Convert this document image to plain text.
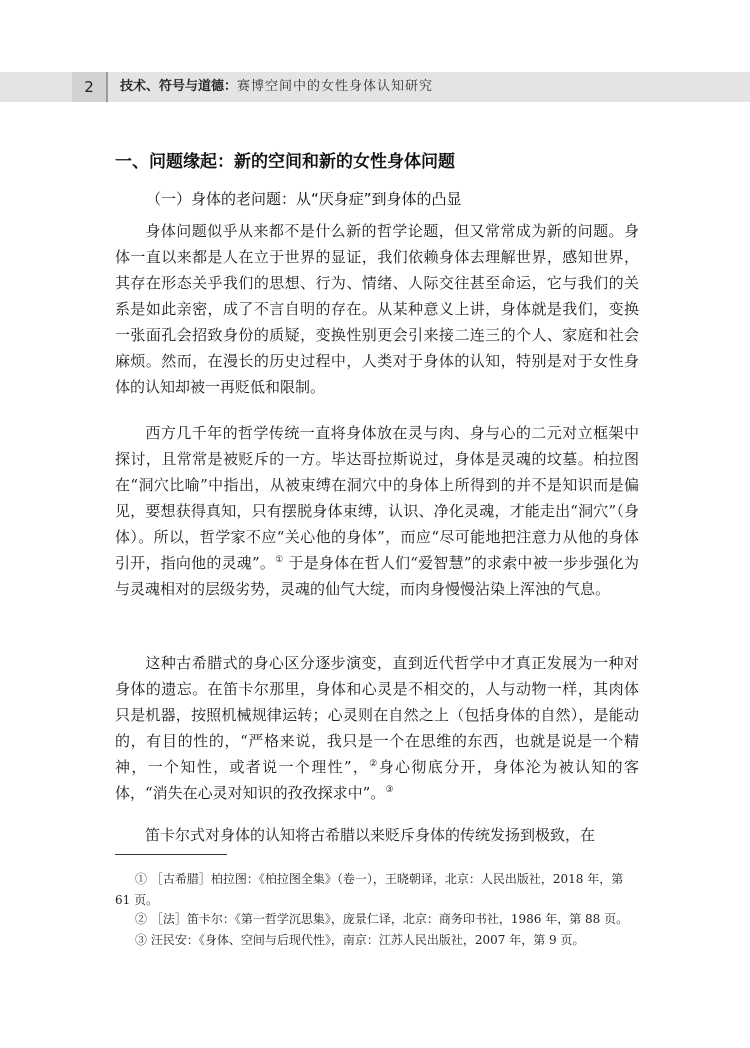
2	技术、符号与道德：赛博空间中的女性身体认知研究
一、问题缘起：新的空间和新的女性身体问题
（一）身体的老问题：从“厌身症”到身体的凸显

身体问题似乎从来都不是什么新的哲学论题，但又常常成为新的问题。身体一直以来都是人在立于世界的显证，我们依赖身体去理解世界，感知世界，其存在形态关乎我们的思想、行为、情绪、人际交往甚至命运，它与我们的关系是如此亲密，成了不言自明的存在。从某种意义上讲，身体就是我们，变换一张面孔会招致身份的质疑，变换性别更会引来接二连三的个人、家庭和社会麻烦。然而，在漫长的历史过程中，人类对于身体的认知，特别是对于女性身体的认知却被一再贬低和限制。

西方几千年的哲学传统一直将身体放在灵与肉、身与心的二元对立框架中探讨，且常常是被贬斥的一方。毕达哥拉斯说过，身体是灵魂的坟墓。柏拉图在“洞穴比喻”中指出，从被束缚在洞穴中的身体上所得到的并不是知识而是偏见，要想获得真知，只有摆脱身体束缚，认识、净化灵魂，才能走出“洞穴”（身体）。所以，哲学家不应“关心他的身体”，而应“尽可能地把注意力从他的身体引开，指向他的灵魂”。① 于是身体在哲人们“爱智慧”的求索中被一步步强化为与灵魂相对的层级劣势，灵魂的仙气大绽，而肉身慢慢沾染上浑浊的气息。

这种古希腊式的身心区分逐步演变，直到近代哲学中才真正发展为一种对身体的遗忘。在笛卡尔那里，身体和心灵是不相交的，人与动物一样，其肉体只是机器，按照机械规律运转；心灵则在自然之上（包括身体的自然），是能动的，有目的性的，“严格来说，我只是一个在思维的东西，也就是说是一个精神，一个知性，或者说一个理性”，②身心彻底分开，身体沦为被认知的客体，“消失在心灵对知识的孜孜探求中”。③

笛卡尔式对身体的认知将古希腊以来贬斥身体的传统发扬到极致，在

① ［古希腊］柏拉图：《柏拉图全集》（卷一），王晓朝译，北京：人民出版社，2018 年，第 61 页。

② ［法］笛卡尔：《第一哲学沉思集》，庞景仁译，北京：商务印书社，1986 年，第 88 页。

③ 汪民安：《身体、空间与后现代性》，南京：江苏人民出版社，2007 年，第 9 页。
